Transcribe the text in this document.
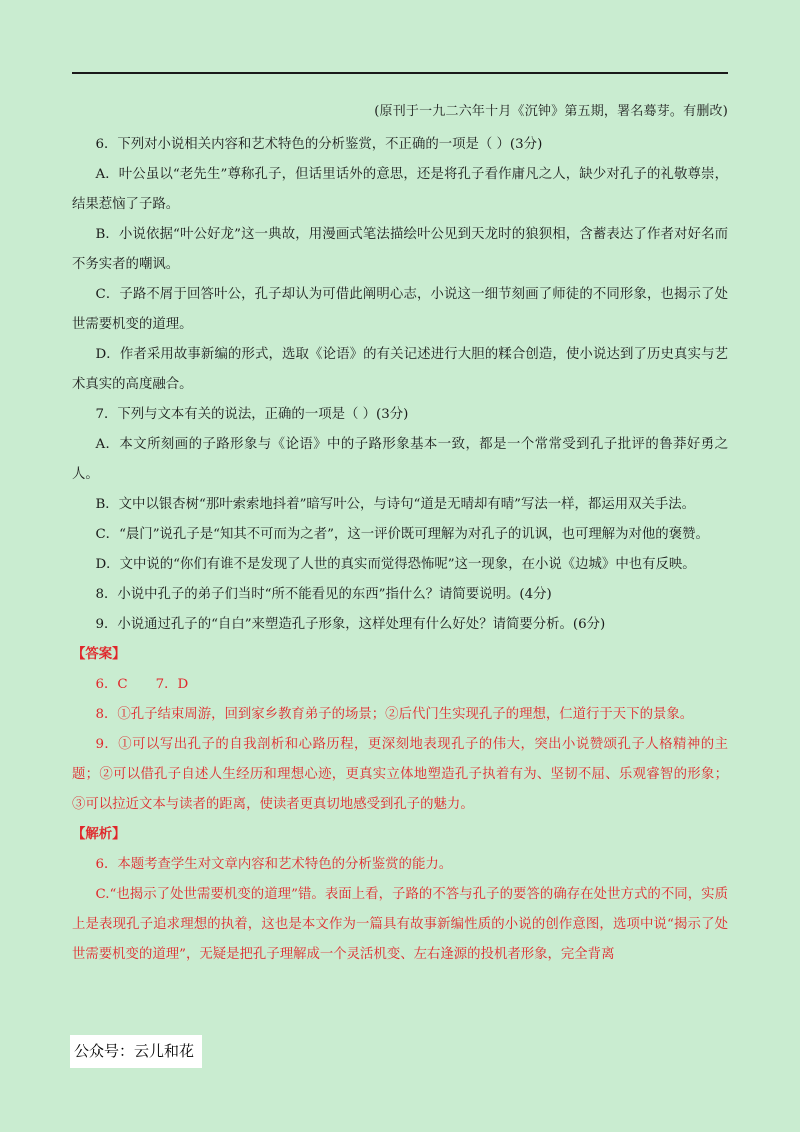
(原刊于一九二六年十月《沉钟》第五期，署名蓦芽。有删改)

6．下列对小说相关内容和艺术特色的分析鉴赏，不正确的一项是（ ）(3分)

A．叶公虽以“老先生”尊称孔子，但话里话外的意思，还是将孔子看作庸凡之人，缺少对孔子的礼敬尊崇，结果惹恼了子路。

B．小说依据“叶公好龙”这一典故，用漫画式笔法描绘叶公见到天龙时的狼狈相，含蓄表达了作者对好名而不务实者的嘲讽。

C．子路不屑于回答叶公，孔子却认为可借此阐明心志，小说这一细节刻画了师徒的不同形象，也揭示了处世需要机变的道理。

D．作者采用故事新编的形式，选取《论语》的有关记述进行大胆的糅合创造，使小说达到了历史真实与艺术真实的高度融合。

7．下列与文本有关的说法，正确的一项是（ ）(3分)

A．本文所刻画的子路形象与《论语》中的子路形象基本一致，都是一个常常受到孔子批评的鲁莽好勇之人。

B．文中以银杏树“那叶索索地抖着”暗写叶公，与诗句“道是无晴却有晴”写法一样，都运用双关手法。

C．“晨门”说孔子是“知其不可而为之者”，这一评价既可理解为对孔子的讥讽，也可理解为对他的褒赞。

D．文中说的“你们有谁不是发现了人世的真实而觉得恐怖呢”这一现象，在小说《边城》中也有反映。

8．小说中孔子的弟子们当时“所不能看见的东西”指什么？请简要说明。(4分)

9．小说通过孔子的“自白”来塑造孔子形象，这样处理有什么好处？请简要分析。(6分)

【答案】

6．C 7．D

8．①孔子结束周游，回到家乡教育弟子的场景；②后代门生实现孔子的理想，仁道行于天下的景象。

9．①可以写出孔子的自我剖析和心路历程，更深刻地表现孔子的伟大，突出小说赞颂孔子人格精神的主题；②可以借孔子自述人生经历和理想心迹，更真实立体地塑造孔子执着有为、坚韧不屈、乐观睿智的形象；③可以拉近文本与读者的距离，使读者更真切地感受到孔子的魅力。

【解析】

6．本题考查学生对文章内容和艺术特色的分析鉴赏的能力。

C.“也揭示了处世需要机变的道理”错。表面上看，子路的不答与孔子的要答的确存在处世方式的不同，实质上是表现孔子追求理想的执着，这也是本文作为一篇具有故事新编性质的小说的创作意图，选项中说“揭示了处世需要机变的道理”，无疑是把孔子理解成一个灵活机变、左右逢源的投机者形象，完全背离

公众号：云儿和花
